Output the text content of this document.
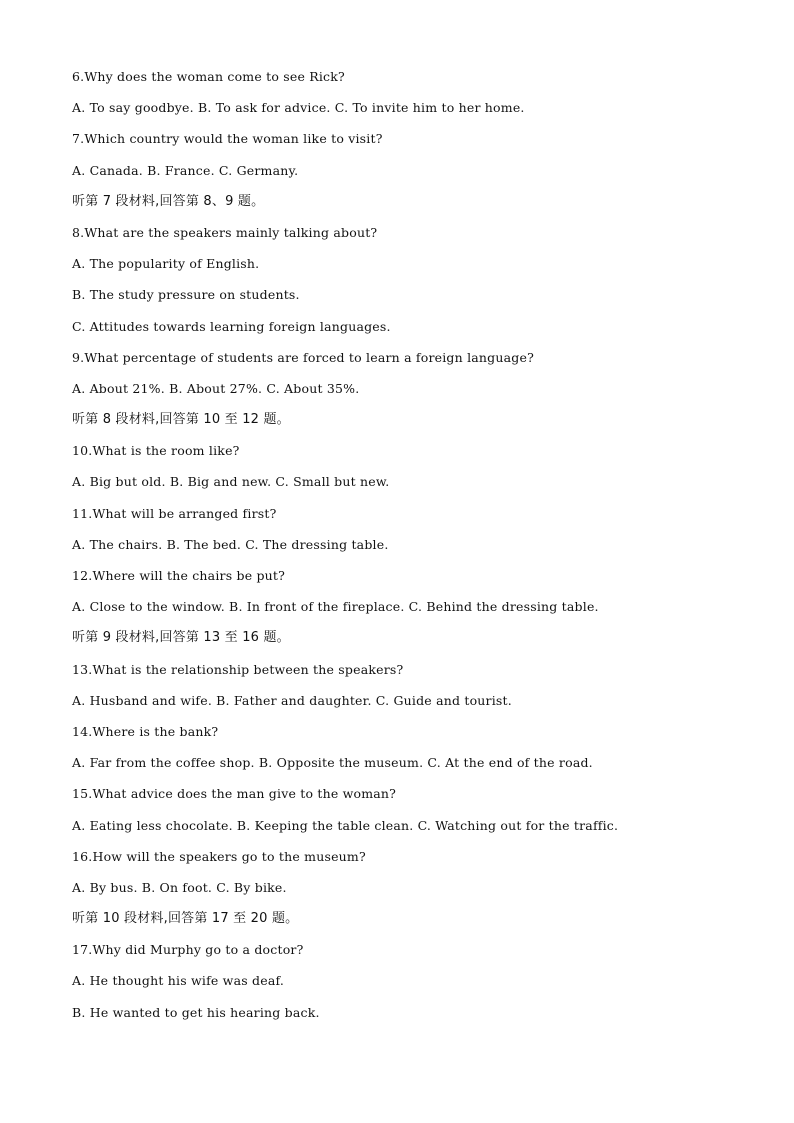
6.Why does the woman come to see Rick?
A. To say goodbye. B. To ask for advice. C. To invite him to her home.
7.Which country would the woman like to visit?
A. Canada. B. France. C. Germany.
听第 7 段材料,回答第 8、9 题。
8.What are the speakers mainly talking about?
A. The popularity of English.
B. The study pressure on students.
C. Attitudes towards learning foreign languages.
9.What percentage of students are forced to learn a foreign language?
A. About 21%. B. About 27%. C. About 35%.
听第 8 段材料,回答第 10 至 12 题。
10.What is the room like?
A. Big but old. B. Big and new. C. Small but new.
11.What will be arranged first?
A. The chairs. B. The bed. C. The dressing table.
12.Where will the chairs be put?
A. Close to the window. B. In front of the fireplace. C. Behind the dressing table.
听第 9 段材料,回答第 13 至 16 题。
13.What is the relationship between the speakers?
A. Husband and wife. B. Father and daughter. C. Guide and tourist.
14.Where is the bank?
A. Far from the coffee shop. B. Opposite the museum. C. At the end of the road.
15.What advice does the man give to the woman?
A. Eating less chocolate. B. Keeping the table clean. C. Watching out for the traffic.
16.How will the speakers go to the museum?
A. By bus. B. On foot. C. By bike.
听第 10 段材料,回答第 17 至 20 题。
17.Why did Murphy go to a doctor?
A. He thought his wife was deaf.
B. He wanted to get his hearing back.
